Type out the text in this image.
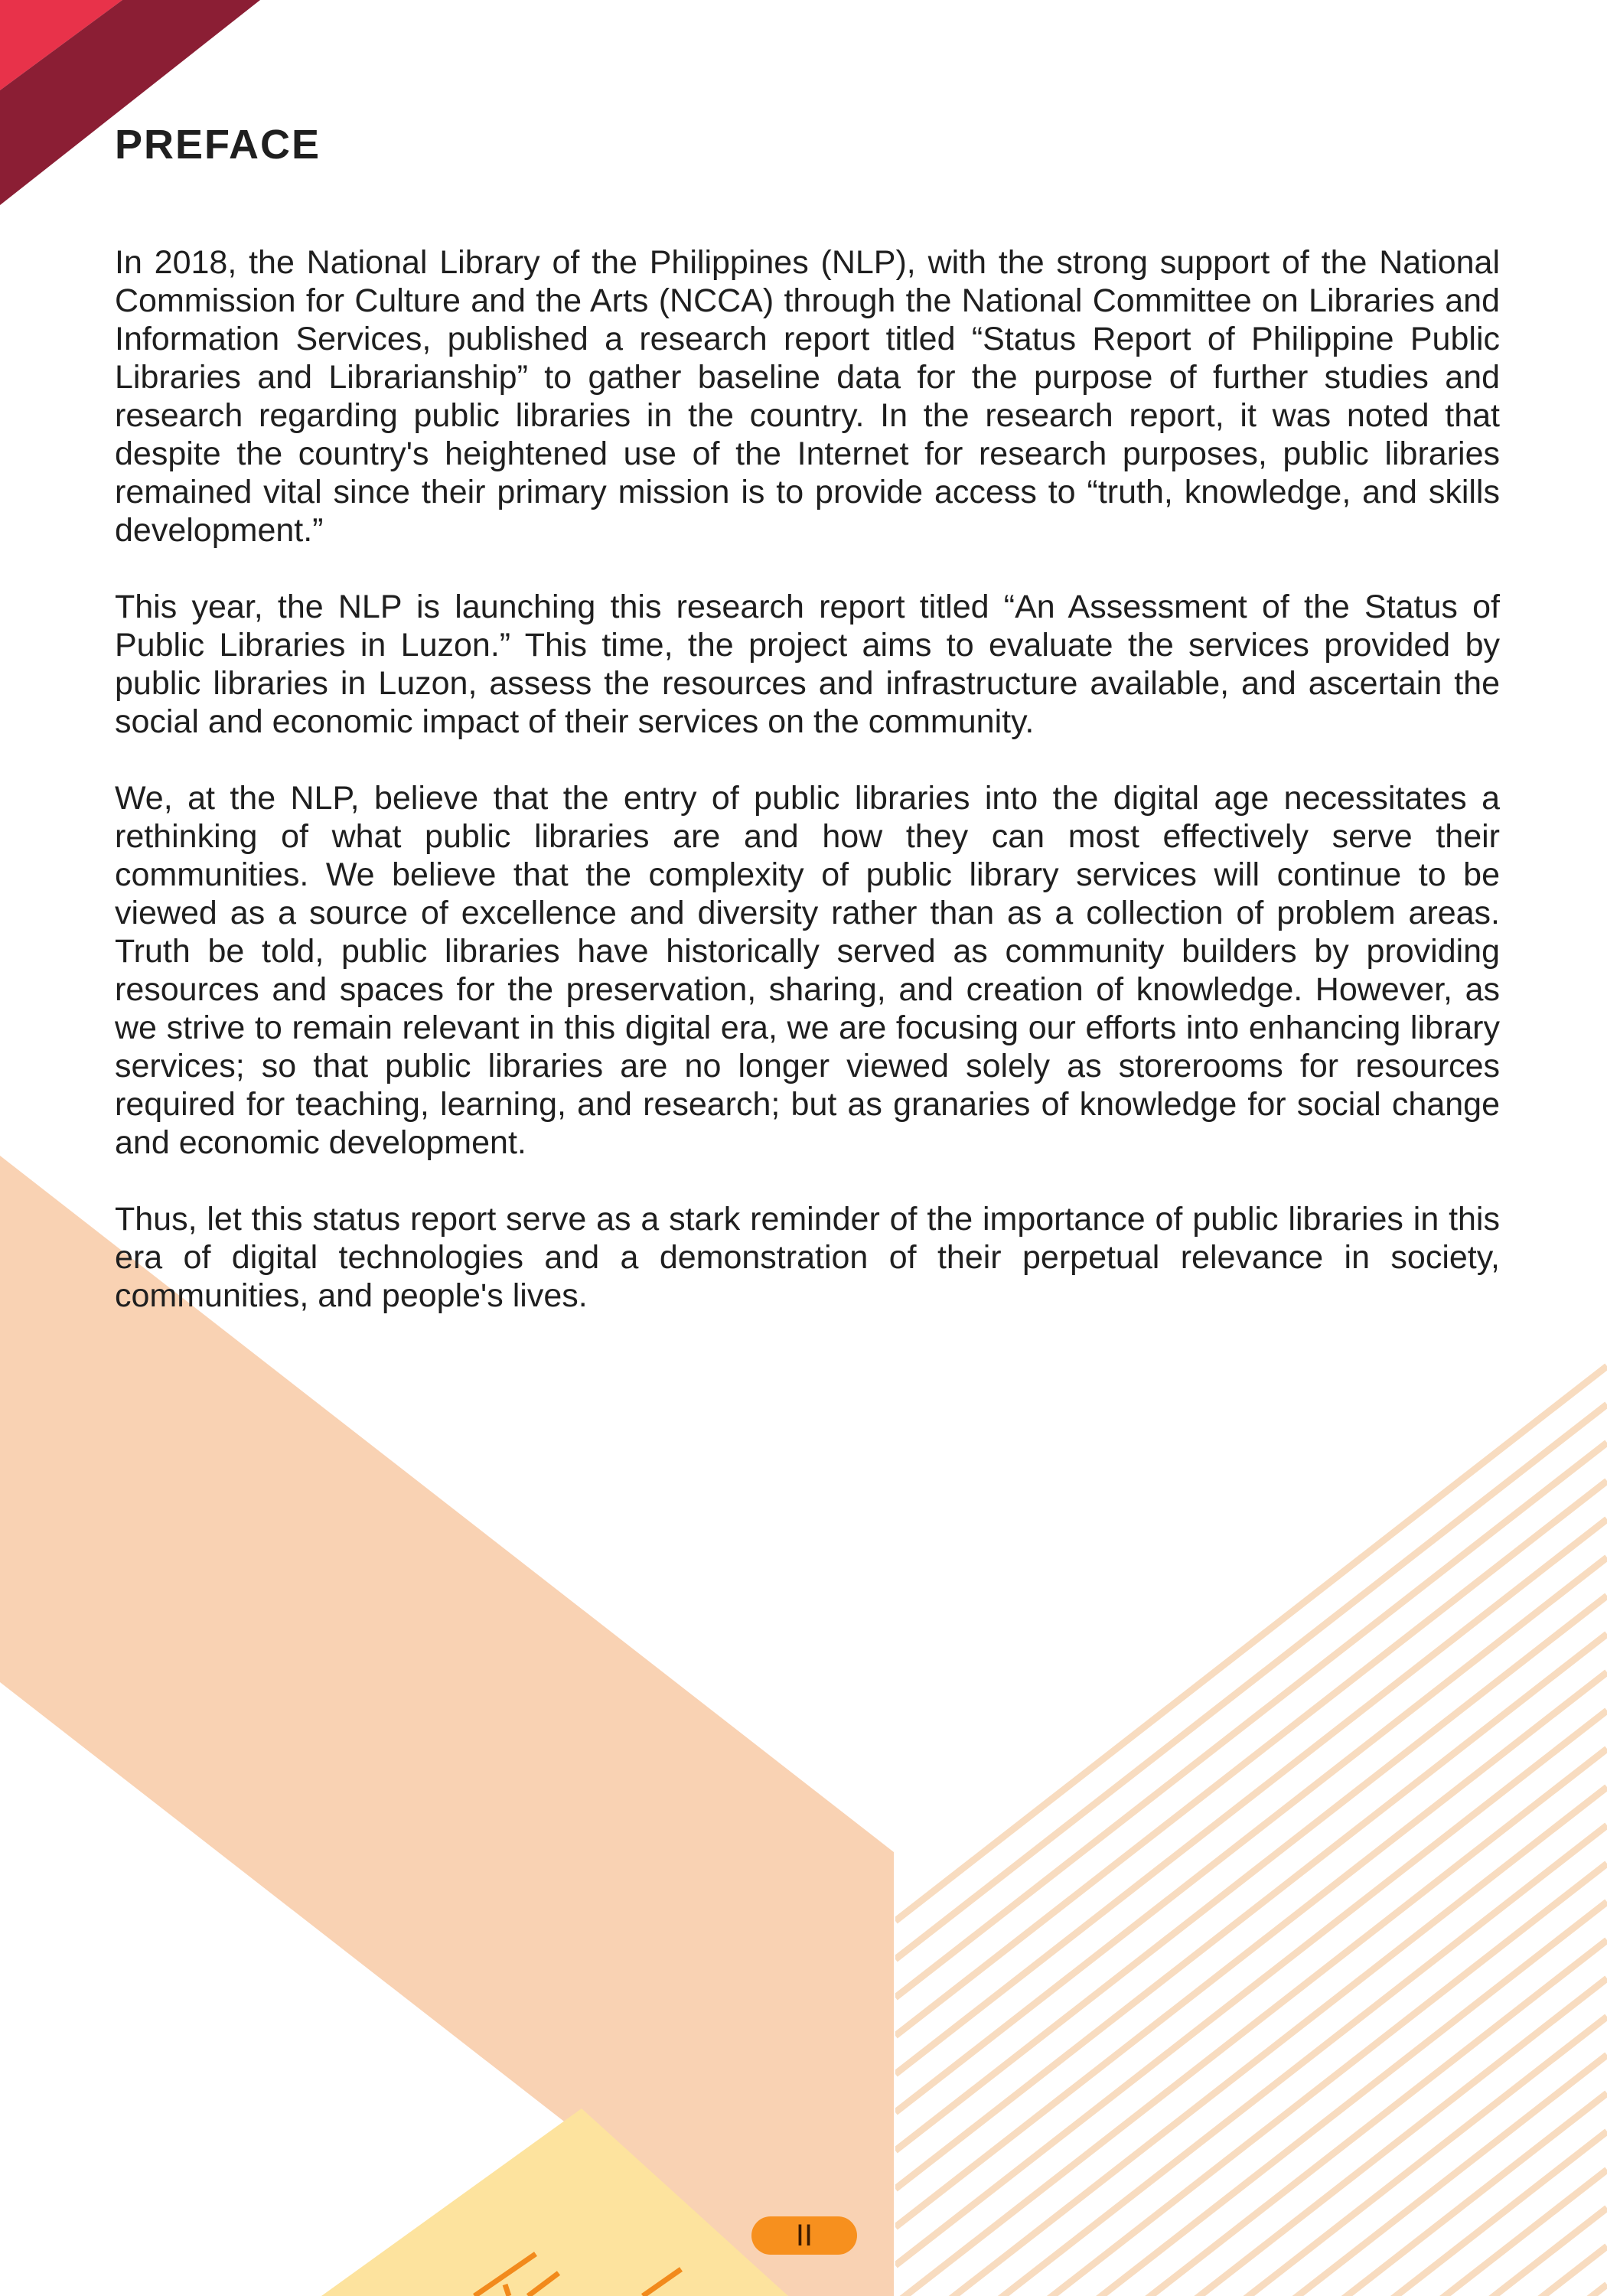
PREFACE

In 2018, the National Library of the Philippines (NLP), with the strong support of the National Commission for Culture and the Arts (NCCA) through the National Committee on Libraries and Information Services, published a research report titled “Status Report of Philippine Public Libraries and Librarianship” to gather baseline data for the purpose of further studies and research regarding public libraries in the country. In the research report, it was noted that despite the country's heightened use of the Internet for research purposes, public libraries remained vital since their primary mission is to provide access to “truth, knowledge, and skills development.”

This year, the NLP is launching this research report titled “An Assessment of the Status of Public Libraries in Luzon.” This time, the project aims to evaluate the services provided by public libraries in Luzon, assess the resources and infrastructure available, and ascertain the social and economic impact of their services on the community.

We, at the NLP, believe that the entry of public libraries into the digital age necessitates a rethinking of what public libraries are and how they can most effectively serve their communities. We believe that the complexity of public library services will continue to be viewed as a source of excellence and diversity rather than as a collection of problem areas. Truth be told, public libraries have historically served as community builders by providing resources and spaces for the preservation, sharing, and creation of knowledge. However, as we strive to remain relevant in this digital era, we are focusing our efforts into enhancing library services; so that public libraries are no longer viewed solely as storerooms for resources required for teaching, learning, and research; but as granaries of knowledge for social change and economic development.

Thus, let this status report serve as a stark reminder of the importance of public libraries in this era of digital technologies and a demonstration of their perpetual relevance in society, communities, and people's lives.

II
